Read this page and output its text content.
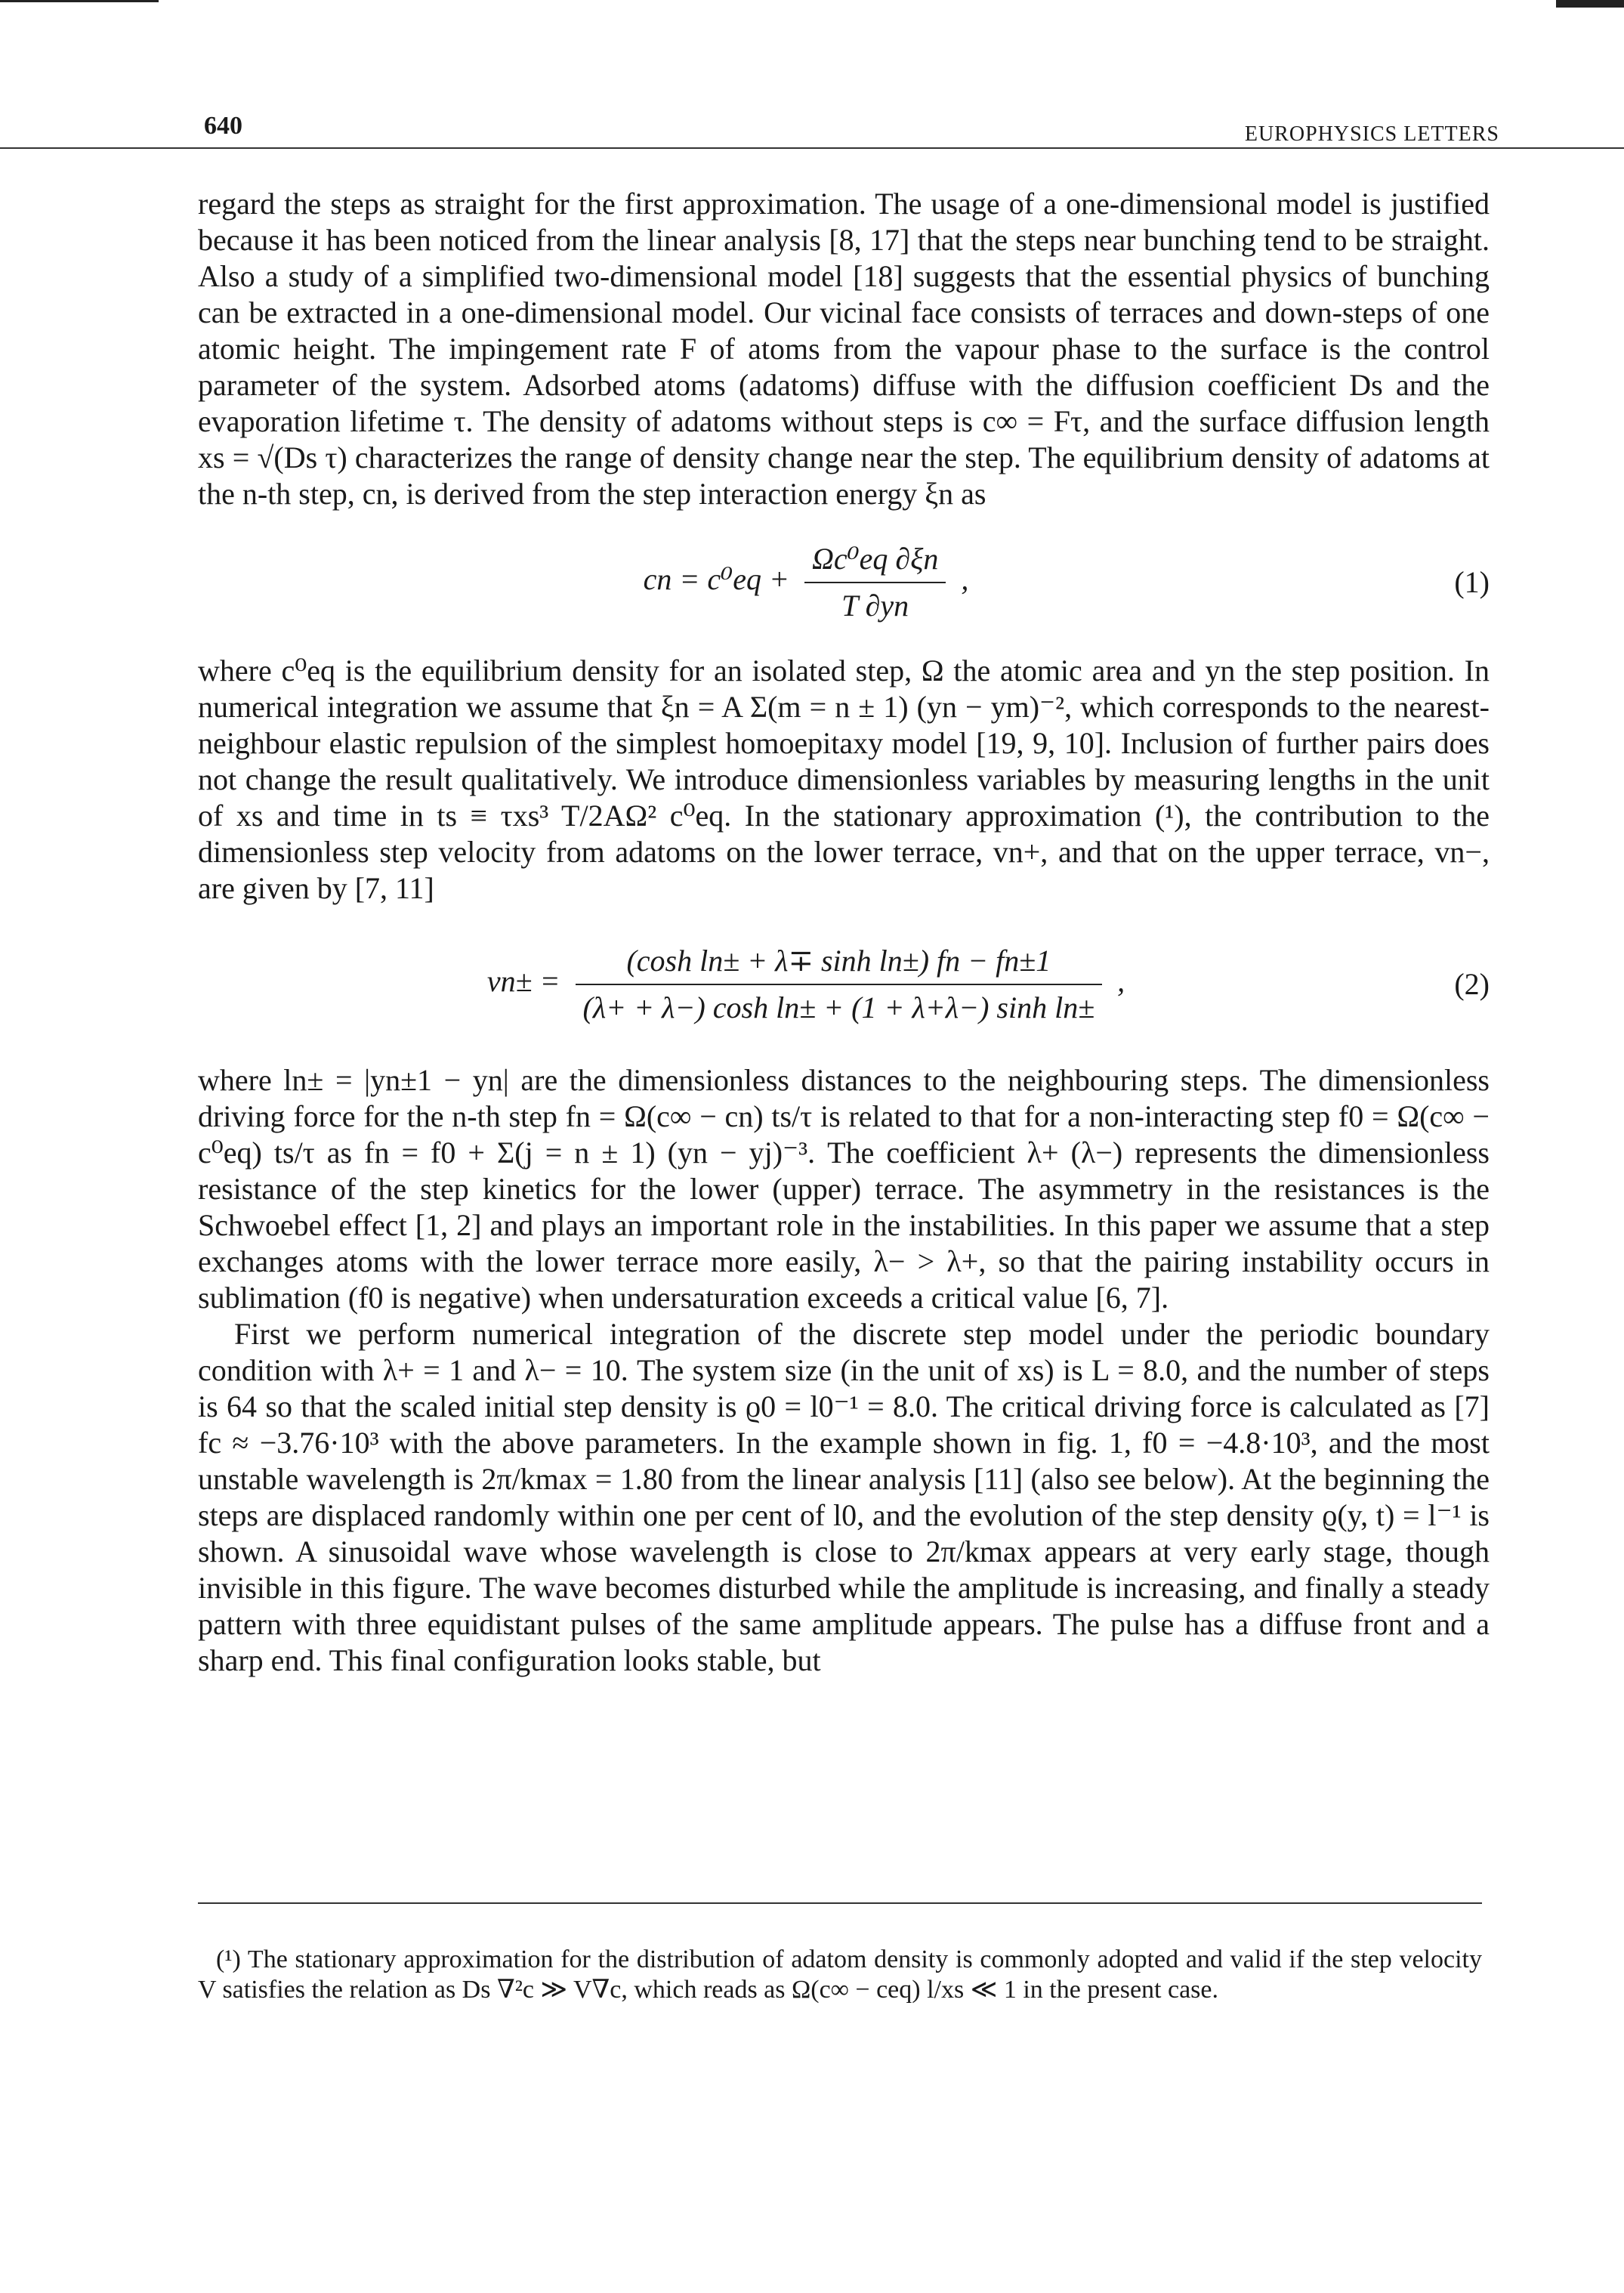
640	EUROPHYSICS LETTERS

regard the steps as straight for the first approximation. The usage of a one-dimensional model is justified because it has been noticed from the linear analysis [8, 17] that the steps near bunching tend to be straight. Also a study of a simplified two-dimensional model [18] suggests that the essential physics of bunching can be extracted in a one-dimensional model. Our vicinal face consists of terraces and down-steps of one atomic height. The impingement rate F of atoms from the vapour phase to the surface is the control parameter of the system. Adsorbed atoms (adatoms) diffuse with the diffusion coefficient Ds and the evaporation lifetime τ. The density of adatoms without steps is c∞ = Fτ, and the surface diffusion length xs = √(Ds τ) characterizes the range of density change near the step. The equilibrium density of adatoms at the n-th step, cn, is derived from the step interaction energy ξn as

cn = $c^0eq + \frac{\text{Ωc⁰eq ∂ξn}}{T \partial yn}$ ,	(1)

where c⁰eq is the equilibrium density for an isolated step, Ω the atomic area and yn the step position. In numerical integration we assume that ξn = A Σ(m = n ± 1) (yn − ym)⁻², which corresponds to the nearest-neighbour elastic repulsion of the simplest homoepitaxy model [19, 9, 10]. Inclusion of further pairs does not change the result qualitatively. We introduce dimensionless variables by measuring lengths in the unit of xs and time in ts ≡ τxs³ T/2AΩ² c⁰eq. In the stationary approximation (¹), the contribution to the dimensionless step velocity from adatoms on the lower terrace, vn+, and that on the upper terrace, vn−, are given by [7, 11]

$vn\pm = \frac{\text{(cosh ln± + λ∓ sinh ln±) fn − fn±1}}{\text{(λ+ + λ−) cosh ln± + (1 + λ+λ−) sinh ln±}}$ ,	(2)

where ln± = |yn±1 − yn| are the dimensionless distances to the neighbouring steps. The dimensionless driving force for the n-th step fn = Ω(c∞ − cn) ts/τ is related to that for a non-interacting step f0 = Ω(c∞ − c⁰eq) ts/τ as fn = f0 + Σ(j = n ± 1) (yn − yj)⁻³. The coefficient λ+ (λ−) represents the dimensionless resistance of the step kinetics for the lower (upper) terrace. The asymmetry in the resistances is the Schwoebel effect [1, 2] and plays an important role in the instabilities. In this paper we assume that a step exchanges atoms with the lower terrace more easily, λ− > λ+, so that the pairing instability occurs in sublimation (f0 is negative) when undersaturation exceeds a critical value [6, 7].

First we perform numerical integration of the discrete step model under the periodic boundary condition with λ+ = 1 and λ− = 10. The system size (in the unit of xs) is L = 8.0, and the number of steps is 64 so that the scaled initial step density is ϱ0 = l0⁻¹ = 8.0. The critical driving force is calculated as [7] fc ≈ −3.76·10³ with the above parameters. In the example shown in fig. 1, f0 = −4.8·10³, and the most unstable wavelength is 2π/kmax = 1.80 from the linear analysis [11] (also see below). At the beginning the steps are displaced randomly within one per cent of l0, and the evolution of the step density ϱ(y, t) = l⁻¹ is shown. A sinusoidal wave whose wavelength is close to 2π/kmax appears at very early stage, though invisible in this figure. The wave becomes disturbed while the amplitude is increasing, and finally a steady pattern with three equidistant pulses of the same amplitude appears. The pulse has a diffuse front and a sharp end. This final configuration looks stable, but

(¹) The stationary approximation for the distribution of adatom density is commonly adopted and valid if the step velocity V satisfies the relation as Ds ∇²c ≫ V∇c, which reads as Ω(c∞ − ceq) l/xs ≪ 1 in the present case.
